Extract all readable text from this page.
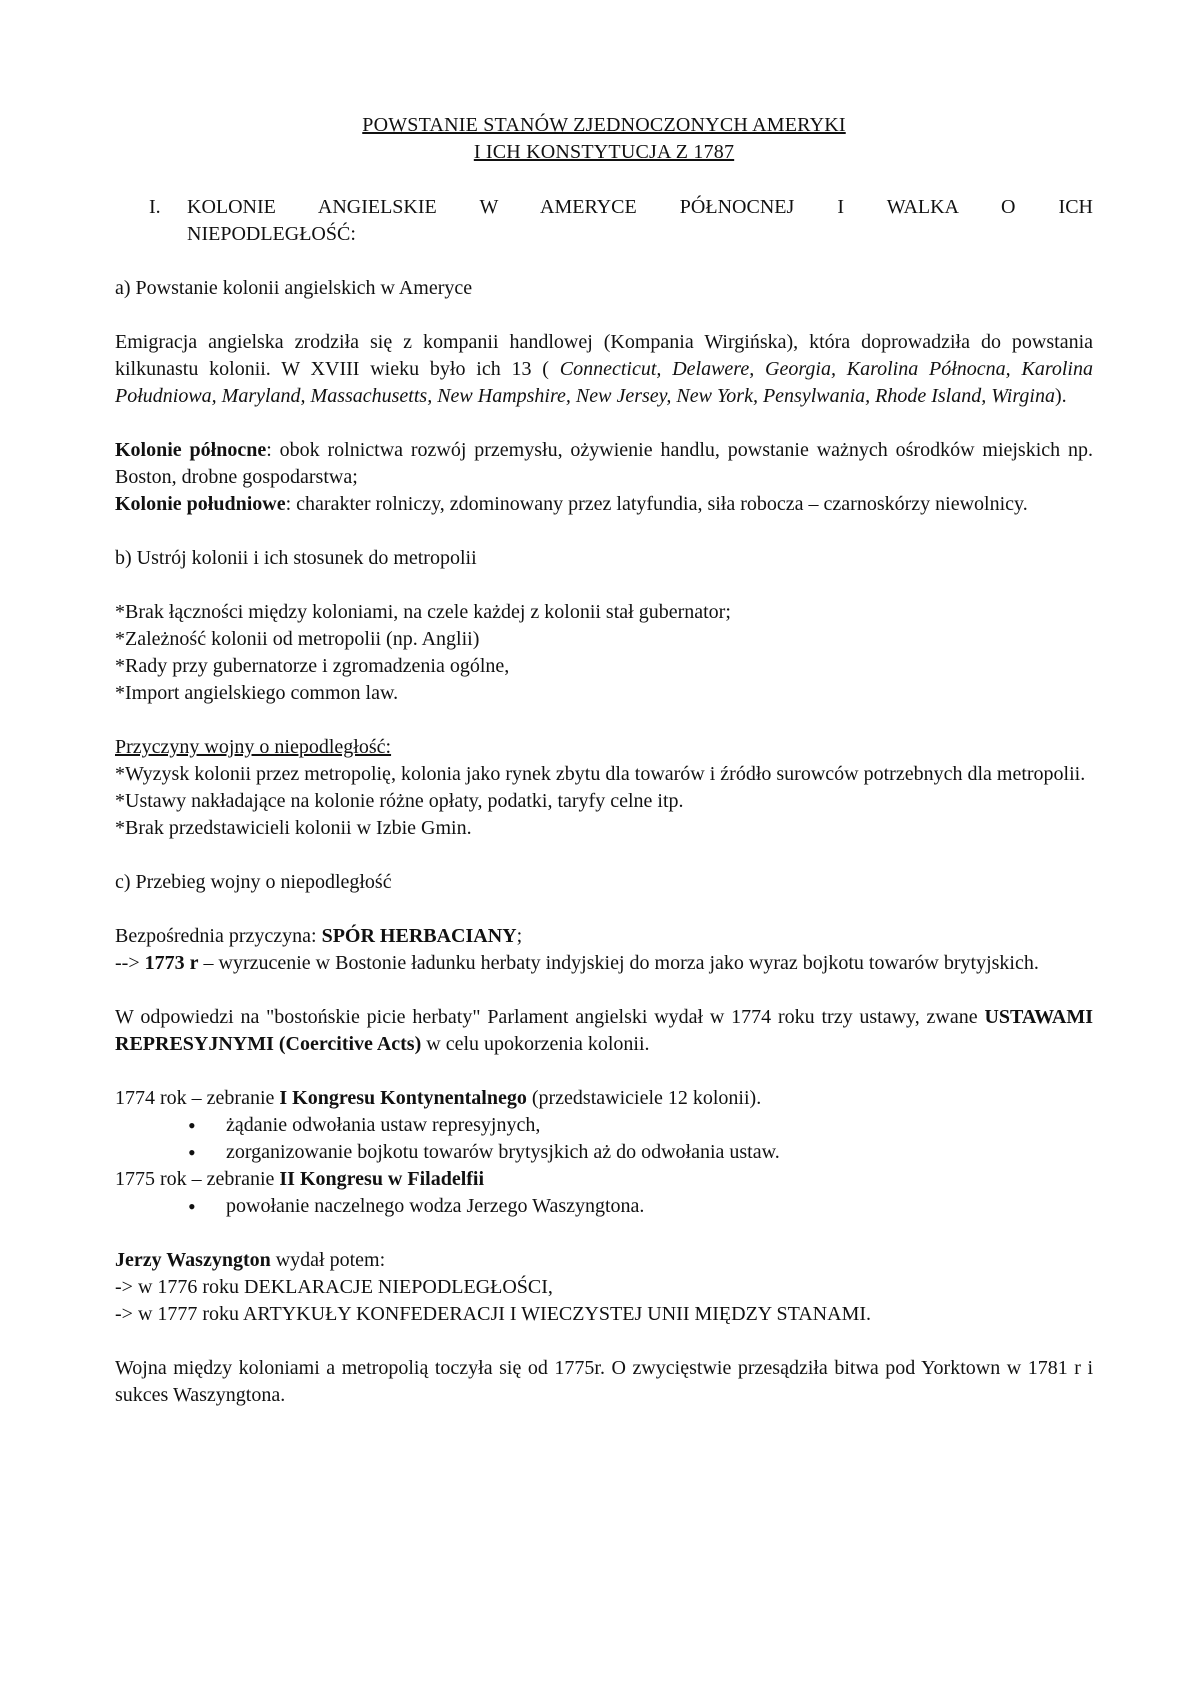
POWSTANIE STANÓW ZJEDNOCZONYCH AMERYKI
I ICH KONSTYTUCJA Z 1787
I.	KOLONIE ANGIELSKIE W AMERYCE PÓŁNOCNEJ I WALKA O ICH
NIEPODLEGŁOŚĆ:

a) Powstanie kolonii angielskich w Ameryce

Emigracja angielska zrodziła się z kompanii handlowej (Kompania Wirgińska), która doprowadziła do powstania kilkunastu kolonii. W XVIII wieku było ich 13 ( Connecticut, Delawere, Georgia, Karolina Północna, Karolina Południowa, Maryland, Massachusetts, New Hampshire, New Jersey, New York, Pensylwania, Rhode Island, Wirgina).

Kolonie północne: obok rolnictwa rozwój przemysłu, ożywienie handlu, powstanie ważnych ośrodków miejskich np. Boston, drobne gospodarstwa;

Kolonie południowe: charakter rolniczy, zdominowany przez latyfundia, siła robocza – czarnoskórzy niewolnicy.

b) Ustrój kolonii i ich stosunek do metropolii

*Brak łączności między koloniami, na czele każdej z kolonii stał gubernator;

*Zależność kolonii od metropolii (np. Anglii)

*Rady przy gubernatorze i zgromadzenia ogólne,

*Import angielskiego common law.

Przyczyny wojny o niepodległość:

*Wyzysk kolonii przez metropolię, kolonia jako rynek zbytu dla towarów i źródło surowców potrzebnych dla metropolii.

*Ustawy nakładające na kolonie różne opłaty, podatki, taryfy celne itp.

*Brak przedstawicieli kolonii w Izbie Gmin.

c) Przebieg wojny o niepodległość

Bezpośrednia przyczyna: SPÓR HERBACIANY;

--> 1773 r – wyrzucenie w Bostonie ładunku herbaty indyjskiej do morza jako wyraz bojkotu towarów brytyjskich.

W odpowiedzi na "bostońskie picie herbaty" Parlament angielski wydał w 1774 roku trzy ustawy, zwane USTAWAMI REPRESYJNYMI (Coercitive Acts) w celu upokorzenia kolonii.

1774 rok – zebranie I Kongresu Kontynentalnego (przedstawiciele 12 kolonii).

• żądanie odwołania ustaw represyjnych,
• zorganizowanie bojkotu towarów brytysjkich aż do odwołania ustaw.

1775 rok – zebranie II Kongresu w Filadelfii

• powołanie naczelnego wodza Jerzego Waszyngtona.

Jerzy Waszyngton wydał potem:

-> w 1776 roku DEKLARACJE NIEPODLEGŁOŚCI,

-> w 1777 roku ARTYKUŁY KONFEDERACJI I WIECZYSTEJ UNII MIĘDZY STANAMI.

Wojna między koloniami a metropolią toczyła się od 1775r. O zwycięstwie przesądziła bitwa pod Yorktown w 1781 r i sukces Waszyngtona.
